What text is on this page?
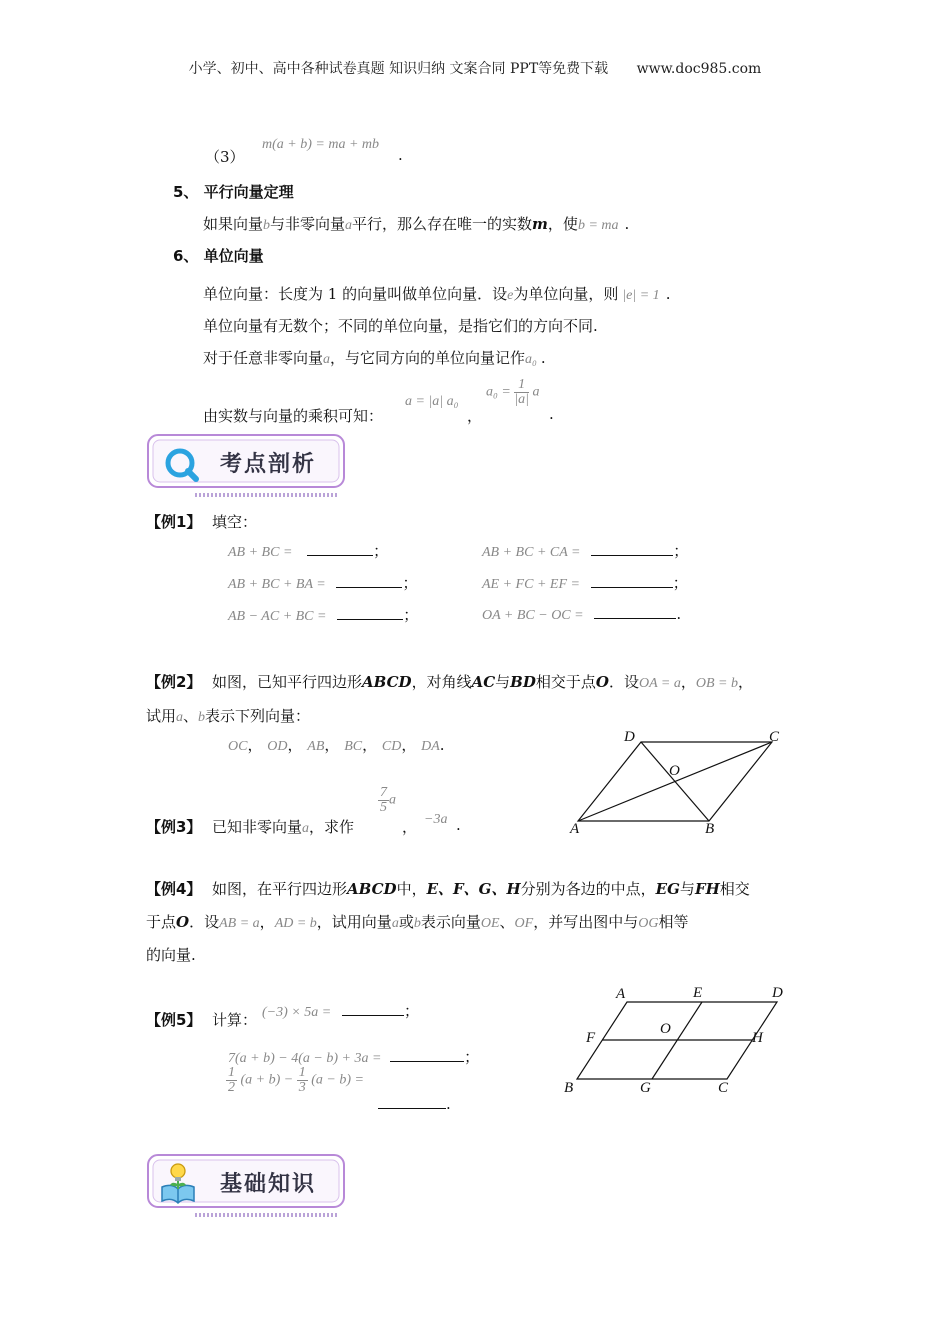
小学、初中、高中各种试卷真题 知识归纳 文案合同 PPT等免费下载 www.doc985.com
（3）
m(a + b) = ma + mb
.
5、 平行向量定理
如果向量b与非零向量a平行，那么存在唯一的实数m，使b = ma .
6、 单位向量
单位向量：长度为 1 的向量叫做单位向量．设e为单位向量，则 |e| = 1 .
单位向量有无数个；不同的单位向量，是指它们的方向不同.
对于任意非零向量a，与它同方向的单位向量记作a₀ .
由实数与向量的乘积可知：
a = |a| a₀
，
$a_0 = \frac{1}{|a|}$ a
.
考点剖析
【例1】 填空：
AB + BC =	；	AB + BC + CA =	；
AB + BC + BA =	；	AE + FC + EF =	；
AB − AC + BC =	；	OA + BC − OC =	.
【例2】 如图，已知平行四边形ABCD，对角线AC与BD相交于点O．设OA = a，OB = b，
试用a、b表示下列向量：
OC， OD， AB， BC， CD， DA.	D	C
O
A	B
【例3】 已知非零向量a，求作
$\frac{7}{5}$ a
， −3a .
【例4】 如图，在平行四边形ABCD中，E、F、G、H分别为各边的中点，EG与FH相交
于点O．设AB = a，AD = b，试用向量a或b表示向量OE、OF，并写出图中与OG相等
的向量.
【例5】 计算： (−3) × 5a =	；
7(a + b) − 4(a − b) + 3a =	；
$\frac{1}{2} (a + b) - \frac{1}{3} (a - b)$ =
.
A	E	D
F
O
H
B	G	C
基础知识
